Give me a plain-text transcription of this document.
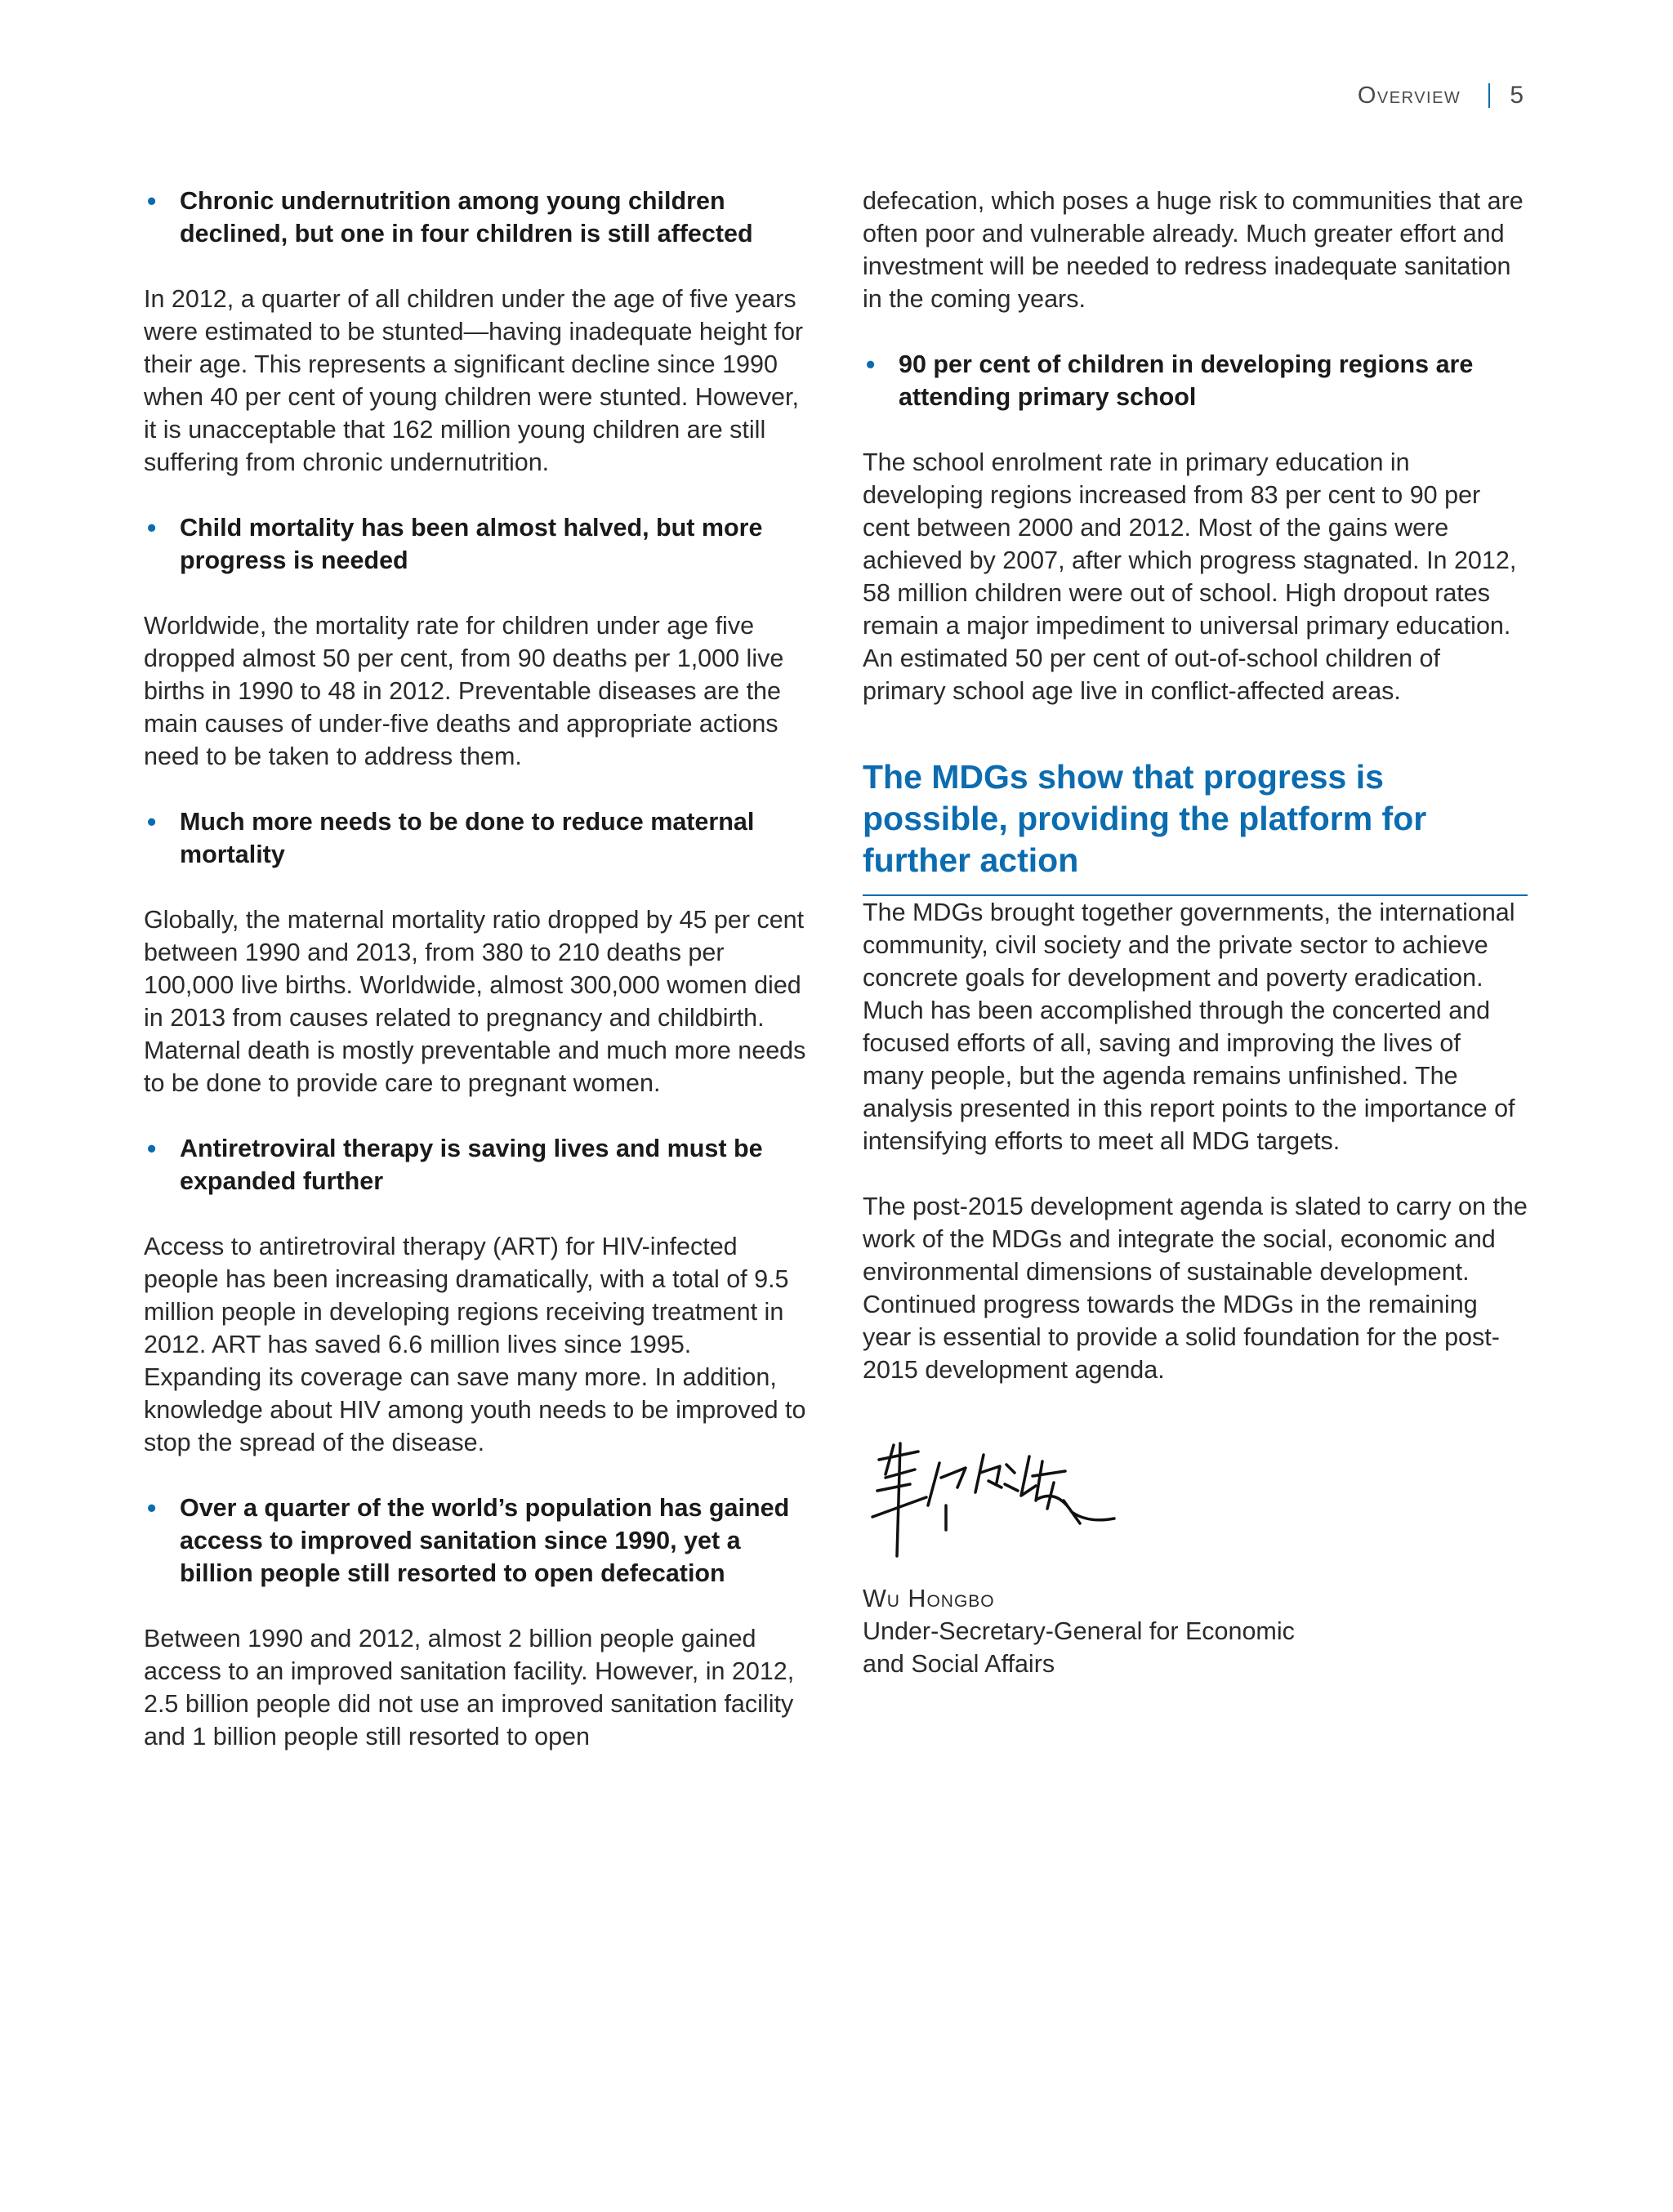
Overview 5
• Chronic undernutrition among young children declined, but one in four children is still affected

In 2012, a quarter of all children under the age of five years were estimated to be stunted—having inadequate height for their age. This represents a significant decline since 1990 when 40 per cent of young children were stunted. However, it is unacceptable that 162 million young children are still suffering from chronic undernutrition.

• Child mortality has been almost halved, but more progress is needed

Worldwide, the mortality rate for children under age five dropped almost 50 per cent, from 90 deaths per 1,000 live births in 1990 to 48 in 2012. Preventable diseases are the main causes of under-five deaths and appropriate actions need to be taken to address them.

• Much more needs to be done to reduce maternal mortality

Globally, the maternal mortality ratio dropped by 45 per cent between 1990 and 2013, from 380 to 210 deaths per 100,000 live births. Worldwide, almost 300,000 women died in 2013 from causes related to pregnancy and childbirth. Maternal death is mostly preventable and much more needs to be done to provide care to pregnant women.

• Antiretroviral therapy is saving lives and must be expanded further

Access to antiretroviral therapy (ART) for HIV-infected people has been increasing dramatically, with a total of 9.5 million people in developing regions receiving treatment in 2012. ART has saved 6.6 million lives since 1995. Expanding its coverage can save many more. In addition, knowledge about HIV among youth needs to be improved to stop the spread of the disease.

• Over a quarter of the world’s population has gained access to improved sanitation since 1990, yet a billion people still resorted to open defecation

Between 1990 and 2012, almost 2 billion people gained access to an improved sanitation facility. However, in 2012, 2.5 billion people did not use an improved sanitation facility and 1 billion people still resorted to open

defecation, which poses a huge risk to communities that are often poor and vulnerable already. Much greater effort and investment will be needed to redress inadequate sanitation in the coming years.

• 90 per cent of children in developing regions are attending primary school

The school enrolment rate in primary education in developing regions increased from 83 per cent to 90 per cent between 2000 and 2012. Most of the gains were achieved by 2007, after which progress stagnated. In 2012, 58 million children were out of school. High dropout rates remain a major impediment to universal primary education. An estimated 50 per cent of out-of-school children of primary school age live in conflict-affected areas.

The MDGs show that progress is possible, providing the platform for further action

The MDGs brought together governments, the international community, civil society and the private sector to achieve concrete goals for development and poverty eradication. Much has been accomplished through the concerted and focused efforts of all, saving and improving the lives of many people, but the agenda remains unfinished. The analysis presented in this report points to the importance of intensifying efforts to meet all MDG targets.

The post-2015 development agenda is slated to carry on the work of the MDGs and integrate the social, economic and environmental dimensions of sustainable development. Continued progress towards the MDGs in the remaining year is essential to provide a solid foundation for the post-2015 development agenda.

Wu Hongbo
Under-Secretary-General for Economic
and Social Affairs
